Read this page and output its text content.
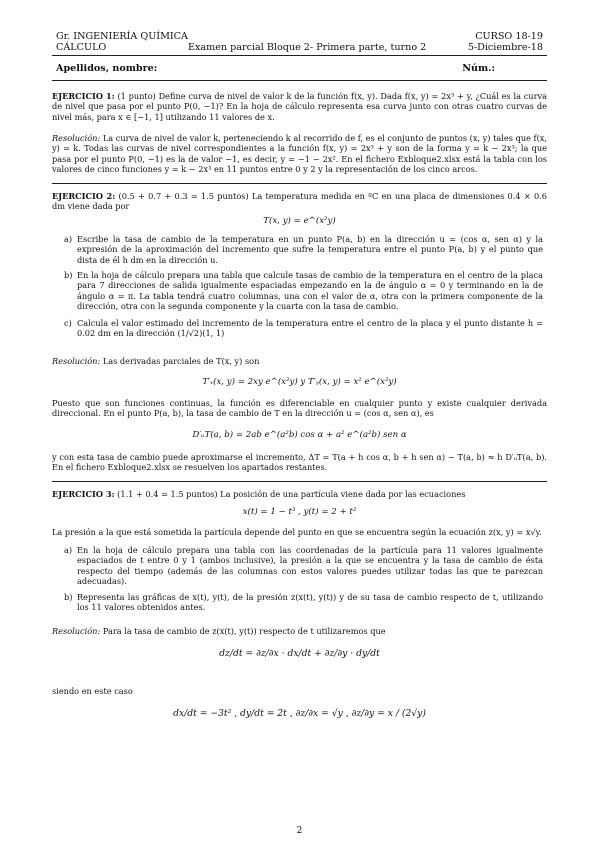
Gr. INGENIERÍA QUÍMICA	CURSO 18-19
CÁLCULO	Examen parcial Bloque 2- Primera parte, turno 2	5-Diciembre-18
Apellidos, nombre:	Núm.:
EJERCICIO 1: (1 punto) Define curva de nivel de valor k de la función f(x, y). Dada f(x, y) = 2x³ + y, ¿Cuál es la curva de nivel que pasa por el punto P(0, −1)? En la hoja de cálculo representa esa curva junto con otras cuatro curvas de nivel más, para x ∈ [−1, 1] utilizando 11 valores de x.
Resolución: La curva de nivel de valor k, perteneciendo k al recorrido de f, es el conjunto de puntos (x, y) tales que f(x, y) = k. Todas las curvas de nivel correspondientes a la función f(x, y) = 2x³ + y son de la forma y = k − 2x³; la que pasa por el punto P(0, −1) es la de valor −1, es decir, y = −1 − 2x². En el fichero Exbloque2.xlsx está la tabla con los valores de cinco funciones y = k − 2x³ en 11 puntos entre 0 y 2 y la representación de los cinco arcos.
EJERCICIO 2: (0.5 + 0.7 + 0.3 = 1.5 puntos) La temperatura medida en ºC en una placa de dimensiones 0.4 × 0.6 dm viene dada por
T(x, y) = e^(x²y)
a) Escribe la tasa de cambio de la temperatura en un punto P(a, b) en la dirección u = (cos α, sen α) y la expresión de la aproximación del incremento que sufre la temperatura entre el punto P(a, b) y el punto que dista de él h dm en la dirección u.
b) En la hoja de cálculo prepara una tabla que calcule tasas de cambio de la temperatura en el centro de la placa para 7 direcciones de salida igualmente espaciadas empezando en la de ángulo α = 0 y terminando en la de ángulo α = π. La tabla tendrá cuatro columnas, una con el valor de α, otra con la primera componente de la dirección, otra con la segunda componente y la cuarta con la tasa de cambio.
c) Calcula el valor estimado del incremento de la temperatura entre el centro de la placa y el punto distante h = 0.02 dm en la dirección (1/√2)(1, 1)
Resolución: Las derivadas parciales de T(x, y) son
T′ₓ(x, y) = 2xy e^(x²y) y T′ᵧ(x, y) = x² e^(x²y)
Puesto que son funciones continuas, la función es diferenciable en cualquier punto y existe cualquier derivada direccional. En el punto P(a, b), la tasa de cambio de T en la dirección u = (cos α, sen α), es
D′ᵤT(a, b) = 2ab e^(a²b) cos α + a² e^(a²b) sen α
y con esta tasa de cambio puede aproximarse el incremento, ΔT = T(a + h cos α, b + h sen α) − T(a, b) ≈ h D′ᵤT(a, b). En el fichero Exbloque2.xlsx se resuelven los apartados restantes.
EJERCICIO 3: (1.1 + 0.4 = 1.5 puntos) La posición de una partícula viene dada por las ecuaciones
x(t) = 1 − t³ , y(t) = 2 + t²
La presión a la que está sometida la partícula depende del punto en que se encuentra según la ecuación z(x, y) = x√y.
a) En la hoja de cálculo prepara una tabla con las coordenadas de la partícula para 11 valores igualmente espaciados de t entre 0 y 1 (ambos inclusive), la presión a la que se encuentra y la tasa de cambio de ésta respecto del tiempo (además de las columnas con estos valores puedes utilizar todas las que te parezcan adecuadas).
b) Representa las gráficas de x(t), y(t), de la presión z(x(t), y(t)) y de su tasa de cambio respecto de t, utilizando los 11 valores obtenidos antes.
Resolución: Para la tasa de cambio de z(x(t), y(t)) respecto de t utilizaremos que
dz/dt = ∂z/∂x · dx/dt + ∂z/∂y · dy/dt
siendo en este caso
dx/dt = −3t² , dy/dt = 2t , ∂z/∂x = √y , ∂z/∂y = x / (2√y)
2
